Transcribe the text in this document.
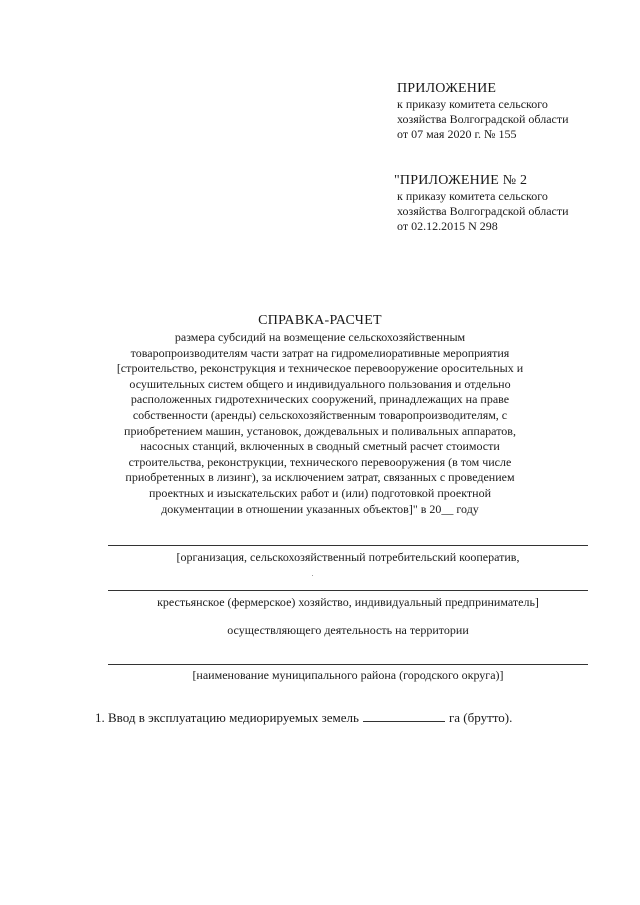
ПРИЛОЖЕНИЕ
к приказу комитета сельского
хозяйства Волгоградской области
от 07 мая 2020 г. № 155
"ПРИЛОЖЕНИЕ № 2
к приказу комитета сельского
хозяйства Волгоградской области
от 02.12.2015 N 298
СПРАВКА-РАСЧЕТ
размера субсидий на возмещение сельскохозяйственным
товаропроизводителям части затрат на гидромелиоративные мероприятия
[строительство, реконструкция и техническое перевооружение оросительных и
осушительных систем общего и индивидуального пользования и отдельно
расположенных гидротехнических сооружений, принадлежащих на праве
собственности (аренды) сельскохозяйственным товаропроизводителям, с
приобретением машин, установок, дождевальных и поливальных аппаратов,
насосных станций, включенных в сводный сметный расчет стоимости
строительства, реконструкции, технического перевооружения (в том числе
приобретенных в лизинг), за исключением затрат, связанных с проведением
проектных и изыскательских работ и (или) подготовкой проектной
документации в отношении указанных объектов]" в 20__ году
[организация, сельскохозяйственный потребительский кооператив,
крестьянское (фермерское) хозяйство, индивидуальный предприниматель]
осуществляющего деятельность на территории
[наименование муниципального района (городского округа)]
1. Ввод в эксплуатацию медиорируемых земель	га (брутто).
